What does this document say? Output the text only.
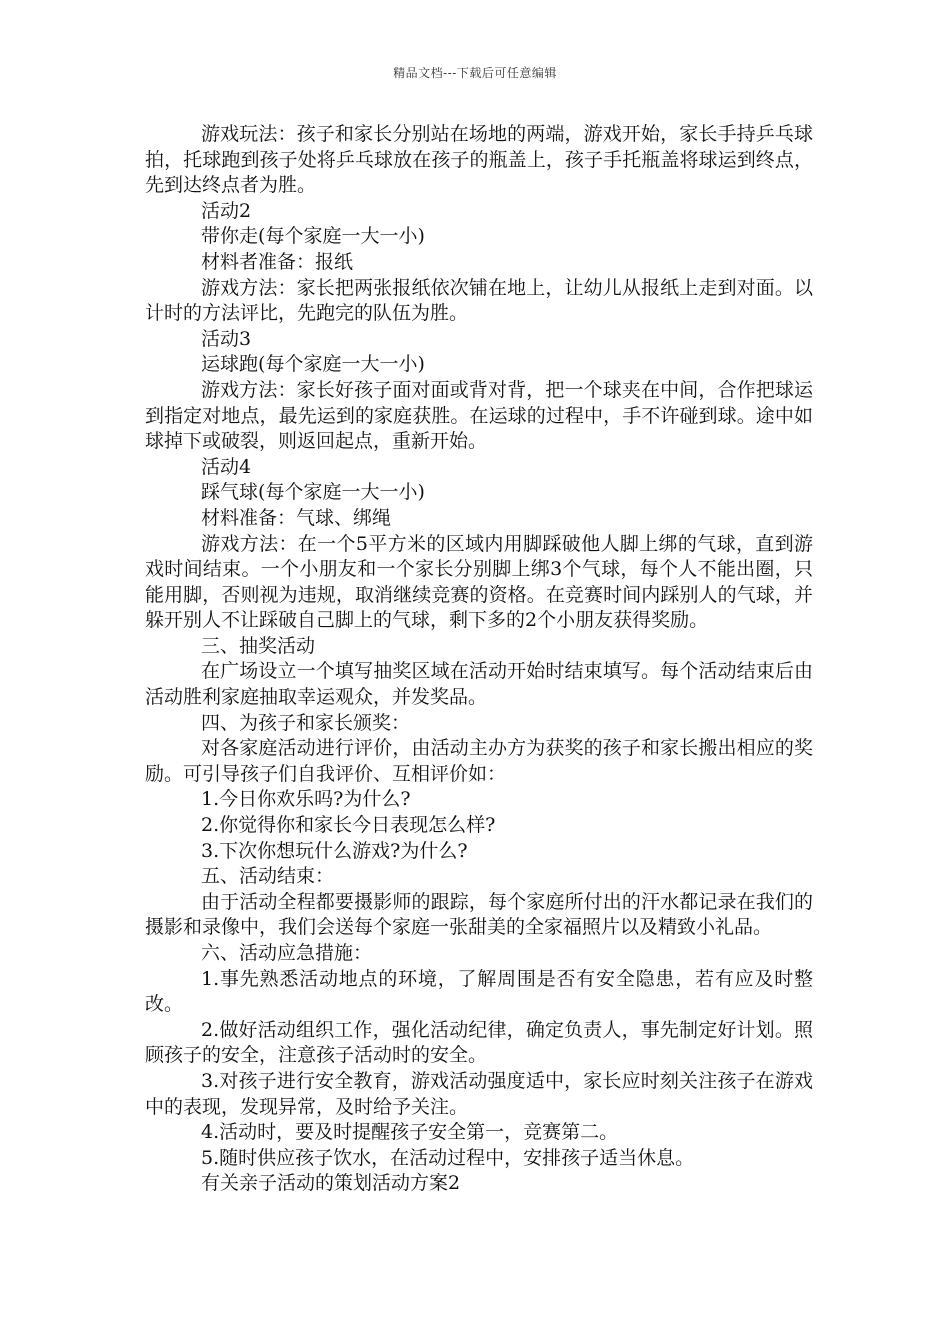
精品文档---下载后可任意编辑

游戏玩法：孩子和家长分别站在场地的两端，游戏开始，家长手持乒乓球拍，托球跑到孩子处将乒乓球放在孩子的瓶盖上，孩子手托瓶盖将球运到终点，先到达终点者为胜。

活动2

带你走(每个家庭一大一小)

材料者准备：报纸

游戏方法：家长把两张报纸依次铺在地上，让幼儿从报纸上走到对面。以计时的方法评比，先跑完的队伍为胜。

活动3

运球跑(每个家庭一大一小)

游戏方法：家长好孩子面对面或背对背，把一个球夹在中间，合作把球运到指定对地点，最先运到的家庭获胜。在运球的过程中，手不许碰到球。途中如球掉下或破裂，则返回起点，重新开始。

活动4

踩气球(每个家庭一大一小)

材料准备：气球、绑绳

游戏方法：在一个5平方米的区域内用脚踩破他人脚上绑的气球，直到游戏时间结束。一个小朋友和一个家长分别脚上绑3个气球，每个人不能出圈，只能用脚，否则视为违规，取消继续竞赛的资格。在竞赛时间内踩别人的气球，并躲开别人不让踩破自己脚上的气球，剩下多的2个小朋友获得奖励。

三、抽奖活动

在广场设立一个填写抽奖区域在活动开始时结束填写。每个活动结束后由活动胜利家庭抽取幸运观众，并发奖品。

四、为孩子和家长颁奖：

对各家庭活动进行评价，由活动主办方为获奖的孩子和家长搬出相应的奖励。可引导孩子们自我评价、互相评价如：

1.今日你欢乐吗?为什么?

2.你觉得你和家长今日表现怎么样?

3.下次你想玩什么游戏?为什么?

五、活动结束：

由于活动全程都要摄影师的跟踪，每个家庭所付出的汗水都记录在我们的摄影和录像中，我们会送每个家庭一张甜美的全家福照片以及精致小礼品。

六、活动应急措施：

1.事先熟悉活动地点的环境，了解周围是否有安全隐患，若有应及时整改。

2.做好活动组织工作，强化活动纪律，确定负责人，事先制定好计划。照顾孩子的安全，注意孩子活动时的安全。

3.对孩子进行安全教育，游戏活动强度适中，家长应时刻关注孩子在游戏中的表现，发现异常，及时给予关注。

4.活动时，要及时提醒孩子安全第一，竞赛第二。

5.随时供应孩子饮水，在活动过程中，安排孩子适当休息。

有关亲子活动的策划活动方案2
